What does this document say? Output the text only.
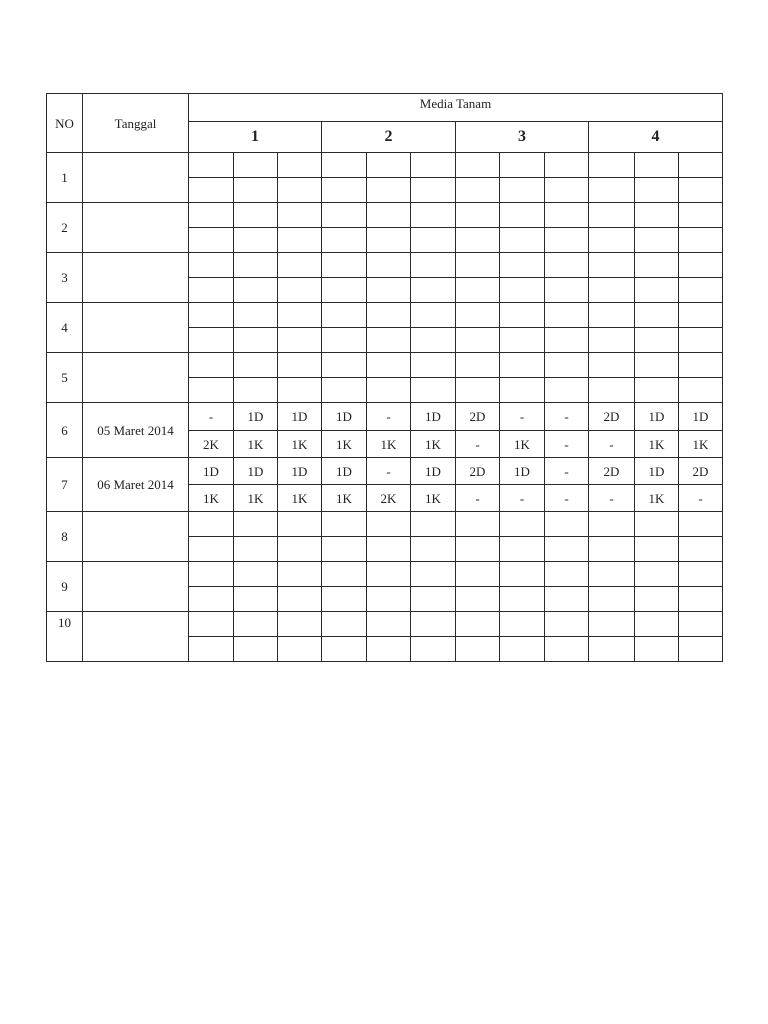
NO	Tanggal	Media Tanam											
		1			2			3			4		
1													

2													

3													

4													

5													

6	05 Maret 2014	-	1D	1D	1D	-	1D	2D	-	-	2D	1D	1D
		2K	1K	1K	1K	1K	1K	-	1K	-	-	1K	1K
7	06 Maret 2014	1D	1D	1D	1D	-	1D	2D	1D	-	2D	1D	2D
		1K	1K	1K	1K	2K	1K	-	-	-	-	1K	-
8													

9													

10													
